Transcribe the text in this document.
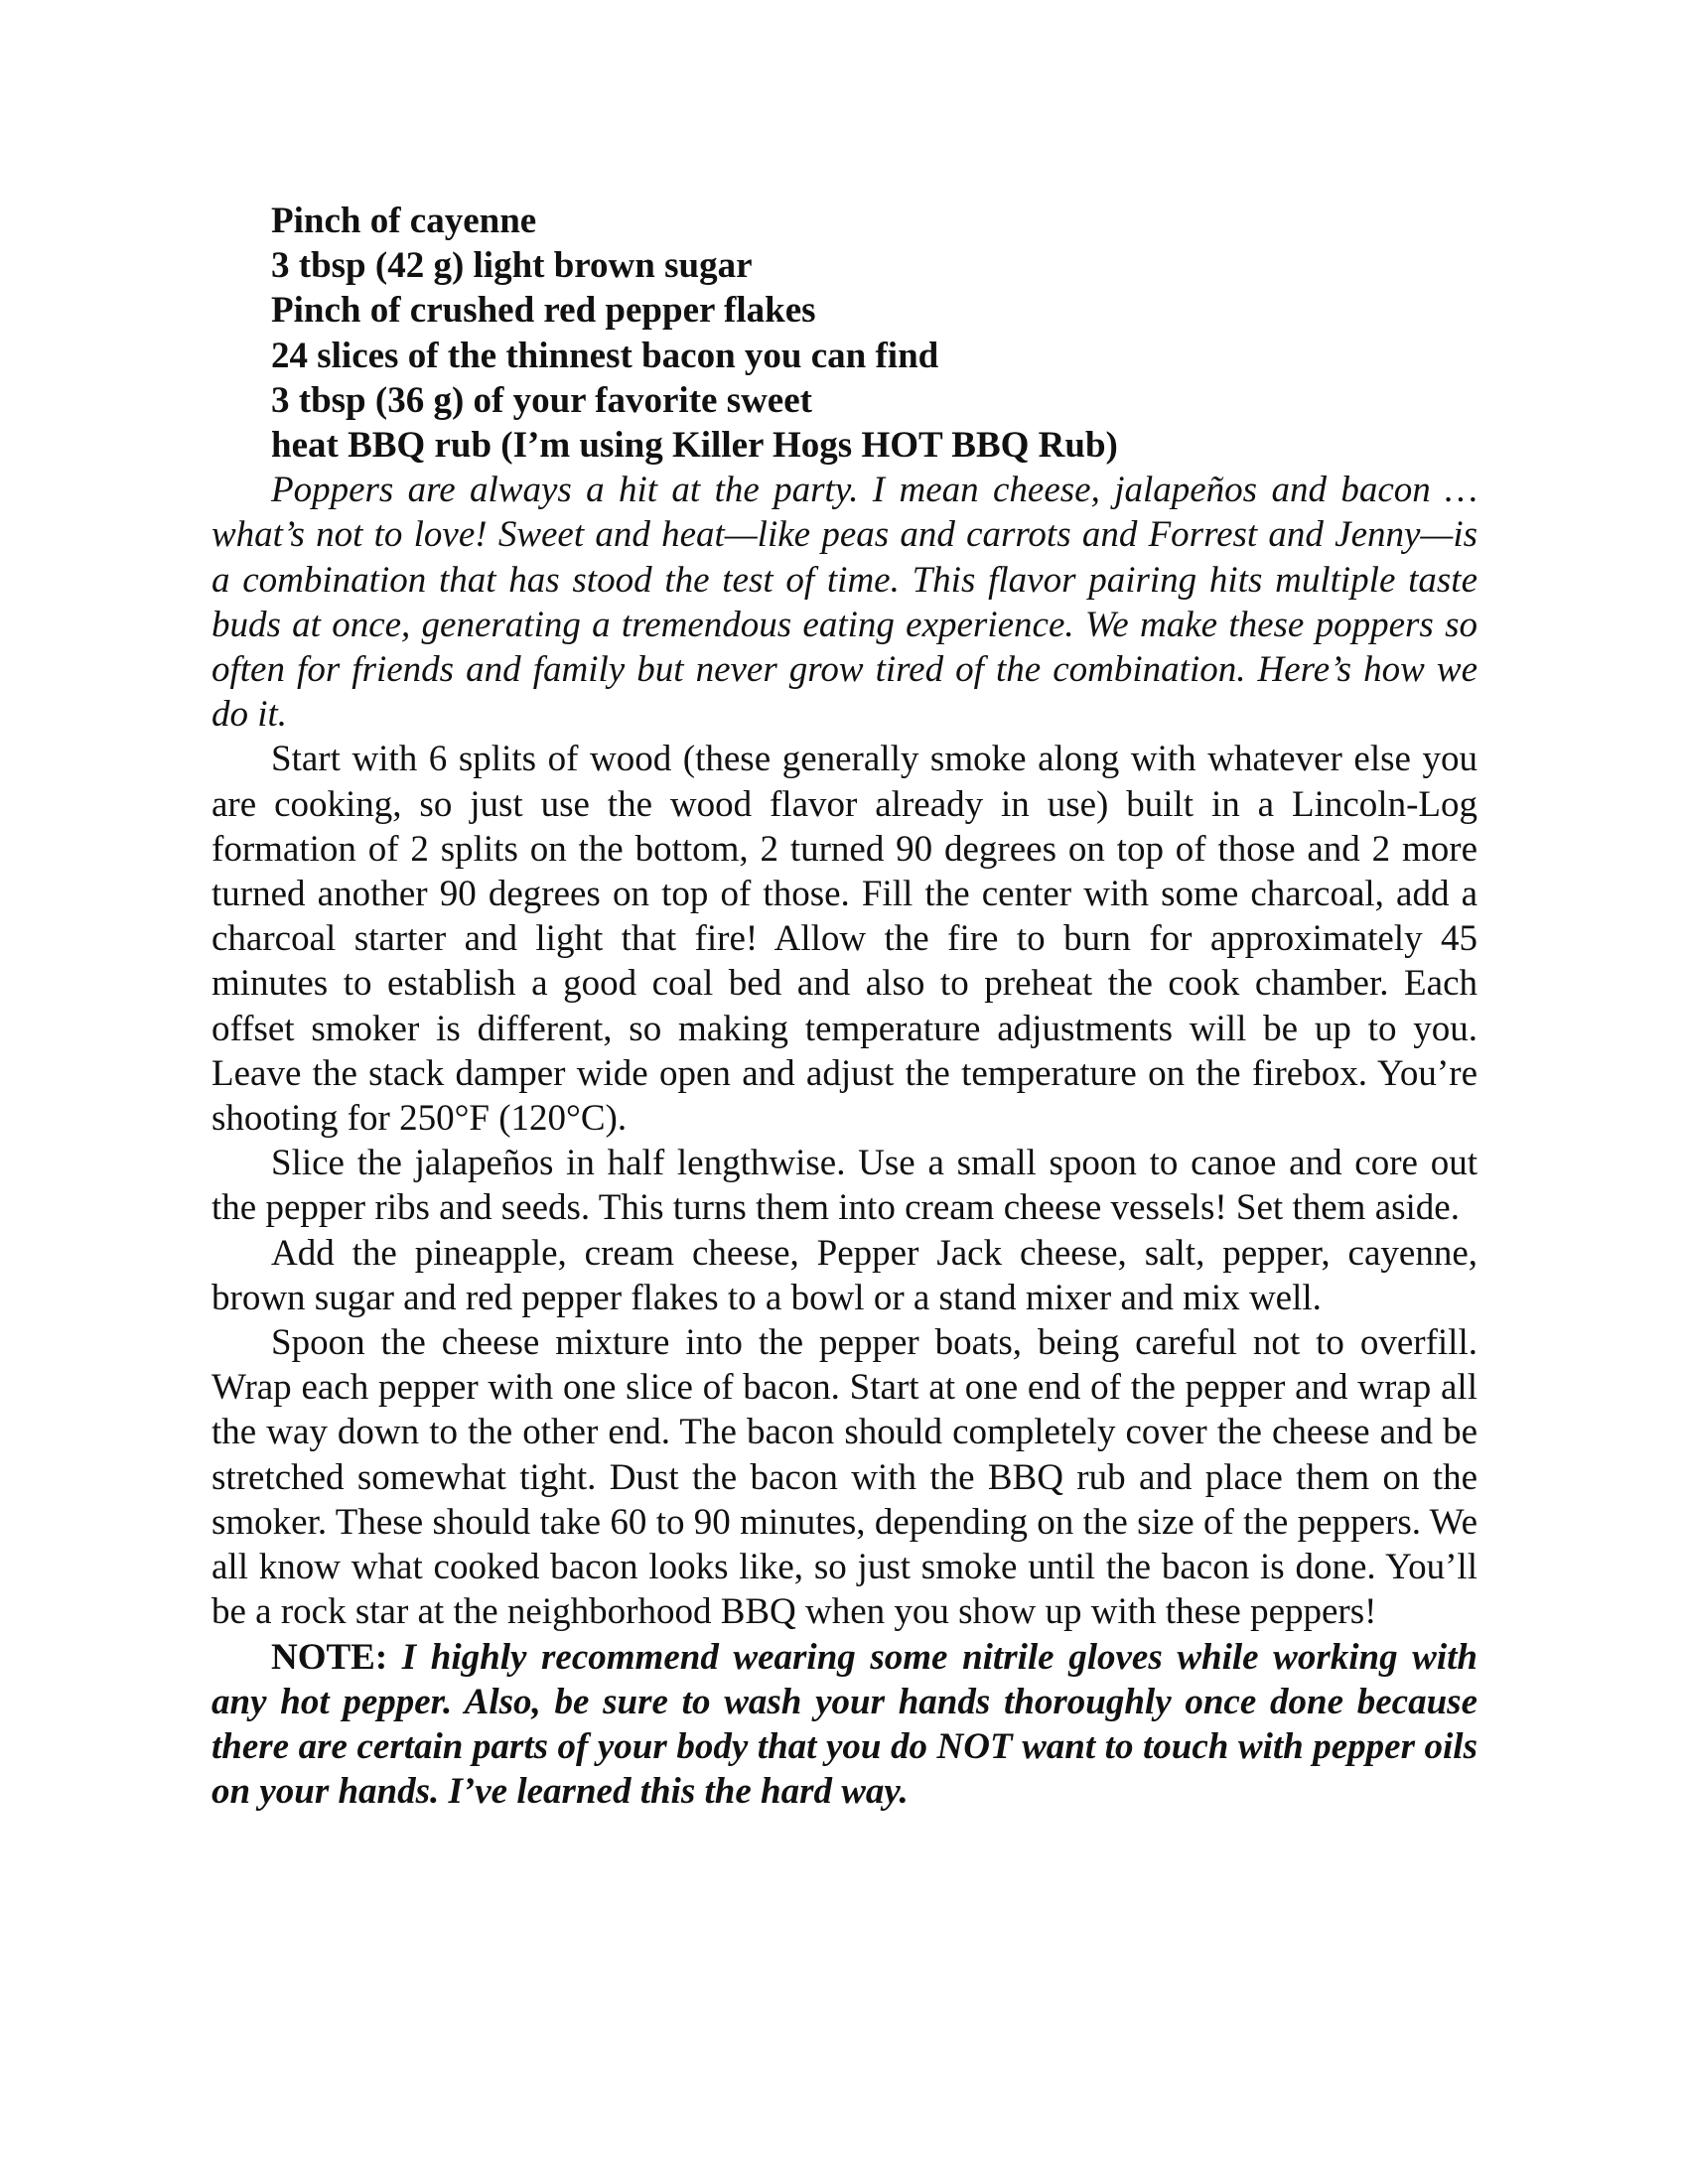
Pinch of cayenne
3 tbsp (42 g) light brown sugar
Pinch of crushed red pepper flakes
24 slices of the thinnest bacon you can find
3 tbsp (36 g) of your favorite sweet
heat BBQ rub (I’m using Killer Hogs HOT BBQ Rub)

Poppers are always a hit at the party. I mean cheese, jalapeños and bacon … what’s not to love! Sweet and heat—like peas and carrots and Forrest and Jenny—is a combination that has stood the test of time. This flavor pairing hits multiple taste buds at once, generating a tremendous eating experience. We make these poppers so often for friends and family but never grow tired of the combination. Here’s how we do it.

Start with 6 splits of wood (these generally smoke along with whatever else you are cooking, so just use the wood flavor already in use) built in a Lincoln-Log formation of 2 splits on the bottom, 2 turned 90 degrees on top of those and 2 more turned another 90 degrees on top of those. Fill the center with some charcoal, add a charcoal starter and light that fire! Allow the fire to burn for approximately 45 minutes to establish a good coal bed and also to preheat the cook chamber. Each offset smoker is different, so making temperature adjustments will be up to you. Leave the stack damper wide open and adjust the temperature on the firebox. You’re shooting for 250°F (120°C).

Slice the jalapeños in half lengthwise. Use a small spoon to canoe and core out the pepper ribs and seeds. This turns them into cream cheese vessels! Set them aside.

Add the pineapple, cream cheese, Pepper Jack cheese, salt, pepper, cayenne, brown sugar and red pepper flakes to a bowl or a stand mixer and mix well.

Spoon the cheese mixture into the pepper boats, being careful not to overfill. Wrap each pepper with one slice of bacon. Start at one end of the pepper and wrap all the way down to the other end. The bacon should completely cover the cheese and be stretched somewhat tight. Dust the bacon with the BBQ rub and place them on the smoker. These should take 60 to 90 minutes, depending on the size of the peppers. We all know what cooked bacon looks like, so just smoke until the bacon is done. You’ll be a rock star at the neighborhood BBQ when you show up with these peppers!

NOTE: I highly recommend wearing some nitrile gloves while working with any hot pepper. Also, be sure to wash your hands thoroughly once done because there are certain parts of your body that you do NOT want to touch with pepper oils on your hands. I’ve learned this the hard way.
